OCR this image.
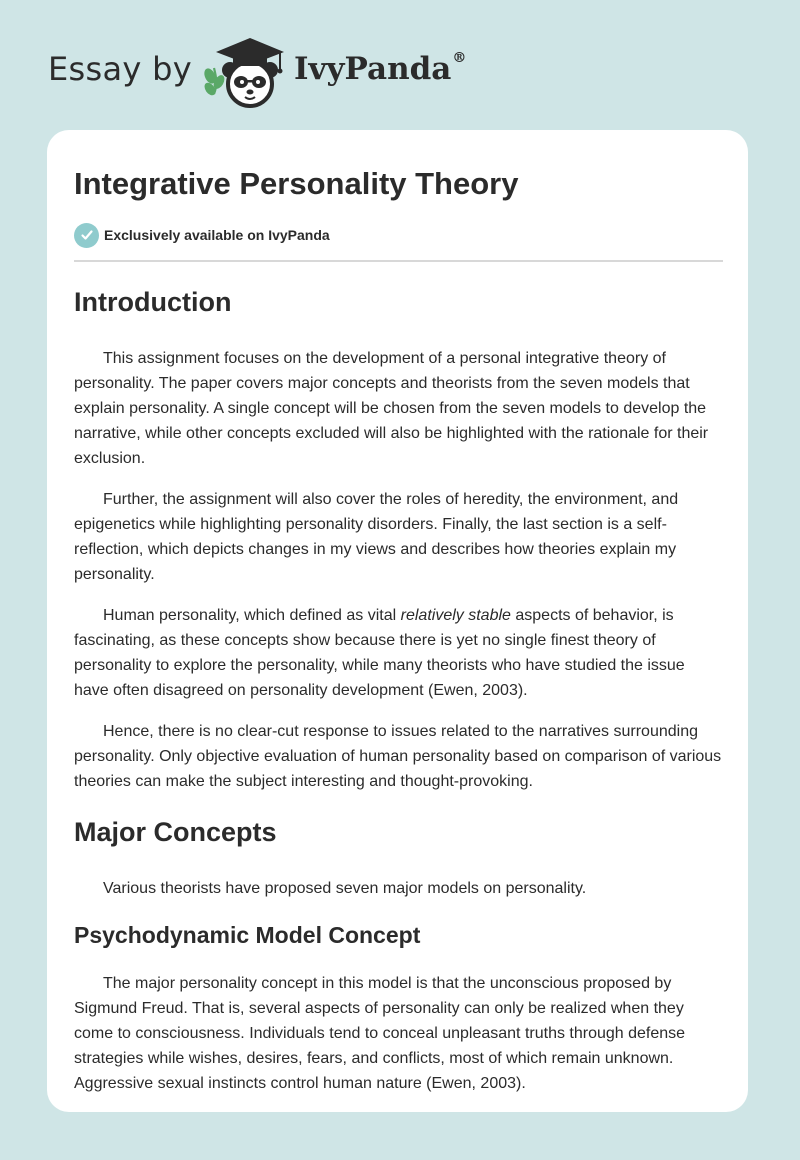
Essay by	IvyPanda®
Integrative Personality Theory
Exclusively available on IvyPanda
Introduction

This assignment focuses on the development of a personal integrative theory of personality. The paper covers major concepts and theorists from the seven models that explain personality. A single concept will be chosen from the seven models to develop the narrative, while other concepts excluded will also be highlighted with the rationale for their exclusion.

Further, the assignment will also cover the roles of heredity, the environment, and epigenetics while highlighting personality disorders. Finally, the last section is a self-reflection, which depicts changes in my views and describes how theories explain my personality.

Human personality, which defined as vital relatively stable aspects of behavior, is fascinating, as these concepts show because there is yet no single finest theory of personality to explore the personality, while many theorists who have studied the issue have often disagreed on personality development (Ewen, 2003).

Hence, there is no clear-cut response to issues related to the narratives surrounding personality. Only objective evaluation of human personality based on comparison of various theories can make the subject interesting and thought-provoking.

Major Concepts

Various theorists have proposed seven major models on personality.

Psychodynamic Model Concept

The major personality concept in this model is that the unconscious proposed by Sigmund Freud. That is, several aspects of personality can only be realized when they come to consciousness. Individuals tend to conceal unpleasant truths through defense strategies while wishes, desires, fears, and conflicts, most of which remain unknown. Aggressive sexual instincts control human nature (Ewen, 2003).
